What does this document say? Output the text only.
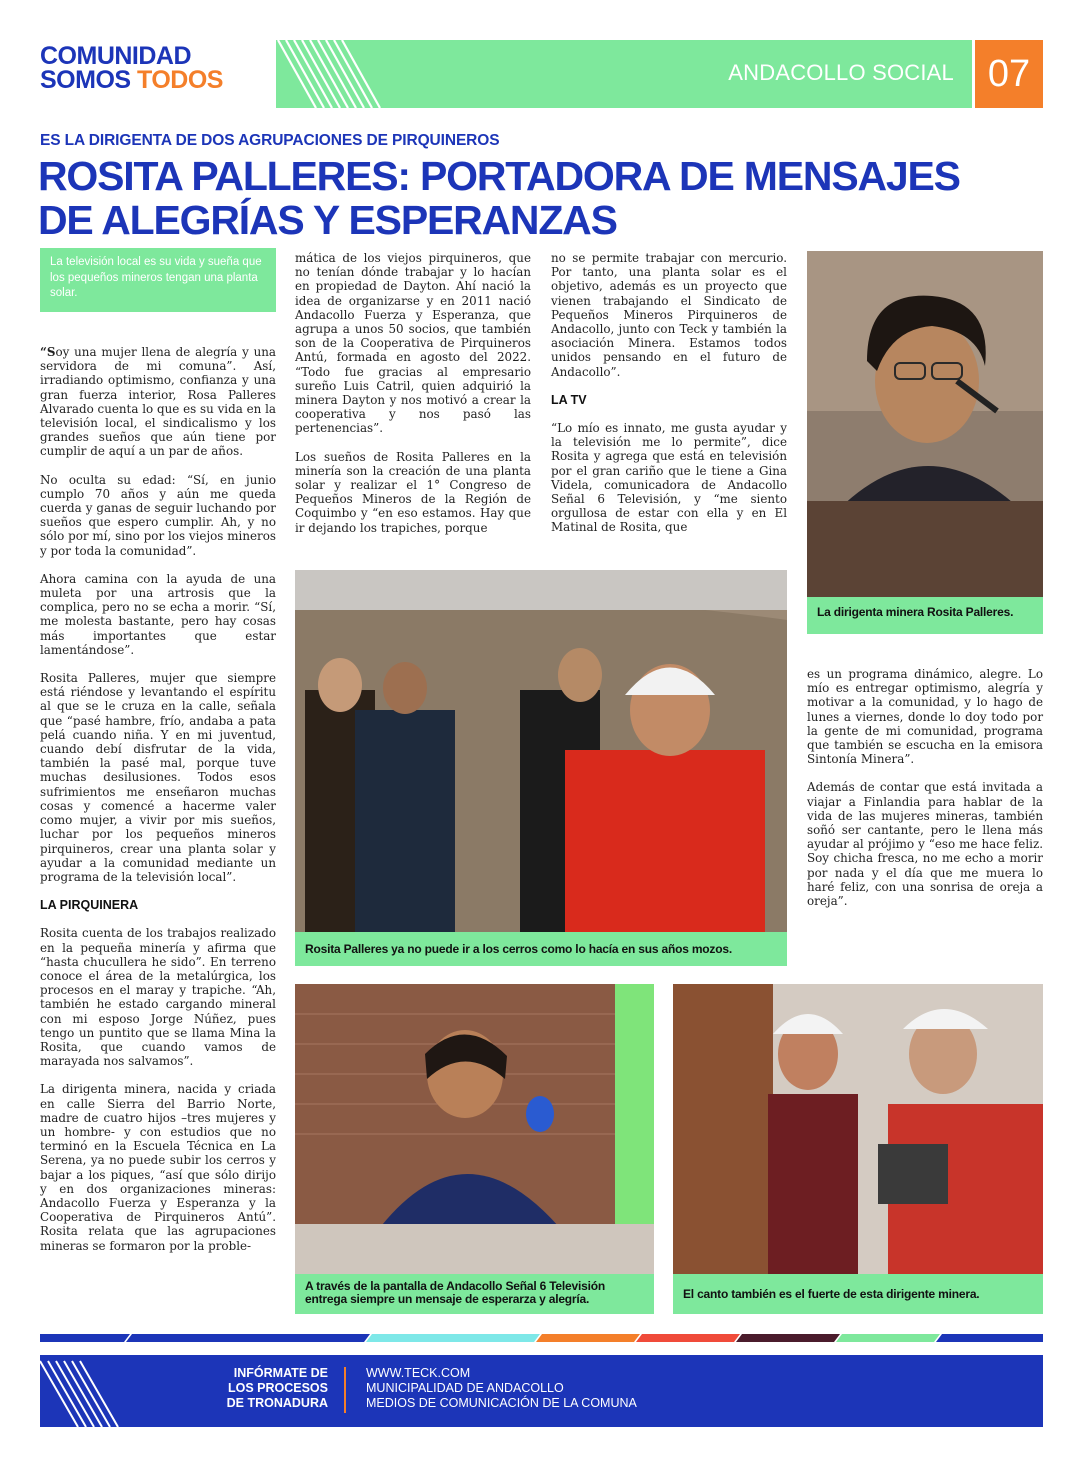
COMUNIDAD
SOMOS TODOS	ANDACOLLO SOCIAL 07
ES LA DIRIGENTA DE DOS AGRUPACIONES DE PIRQUINEROS
ROSITA PALLERES: PORTADORA DE MENSAJES
DE ALEGRÍAS Y ESPERANZAS
La televisión local es su vida y sueña que los pequeños mineros tengan una planta solar.

“Soy una mujer llena de alegría y una servidora de mi comuna”. Así, irradiando optimismo, confianza y una gran fuerza interior, Rosa Palleres Alvarado cuenta lo que es su vida en la televisión local, el sindicalismo y los grandes sueños que aún tiene por cumplir de aquí a un par de años.

No oculta su edad: “Sí, en junio cumplo 70 años y aún me queda cuerda y ganas de seguir luchando por sueños que espero cumplir. Ah, y no sólo por mí, sino por los viejos mineros y por toda la comunidad”.

Ahora camina con la ayuda de una muleta por una artrosis que la complica, pero no se echa a morir. “Sí, me molesta bastante, pero hay cosas más importantes que estar lamentándose”.

Rosita Palleres, mujer que siempre está riéndose y levantando el espíritu al que se le cruza en la calle, señala que “pasé hambre, frío, andaba a pata pelá cuando niña. Y en mi juventud, cuando debí disfrutar de la vida, también la pasé mal, porque tuve muchas desilusiones. Todos esos sufrimientos me enseñaron muchas cosas y comencé a hacerme valer como mujer, a vivir por mis sueños, luchar por los pequeños mineros pirquineros, crear una planta solar y ayudar a la comunidad mediante un programa de la televisión local”.

LA PIRQUINERA

Rosita cuenta de los trabajos realizado en la pequeña minería y afirma que “hasta chucullera he sido”. En terreno conoce el área de la metalúrgica, los procesos en el maray y trapiche. “Ah, también he estado cargando mineral con mi esposo Jorge Núñez, pues tengo un puntito que se llama Mina la Rosita, que cuando vamos de marayada nos salvamos”.

La dirigenta minera, nacida y criada en calle Sierra del Barrio Norte, madre de cuatro hijos –tres mujeres y un hombre- y con estudios que no terminó en la Escuela Técnica en La Serena, ya no puede subir los cerros y bajar a los piques, “así que sólo dirijo y en dos organizaciones mineras: Andacollo Fuerza y Esperanza y la Cooperativa de Pirquineros Antú”. Rosita relata que las agrupaciones mineras se formaron por la proble-

mática de los viejos pirquineros, que no tenían dónde trabajar y lo hacían en propiedad de Dayton. Ahí nació la idea de organizarse y en 2011 nació Andacollo Fuerza y Esperanza, que agrupa a unos 50 socios, que también son de la Cooperativa de Pirquineros Antú, formada en agosto del 2022. “Todo fue gracias al empresario sureño Luis Catril, quien adquirió la minera Dayton y nos motivó a crear la cooperativa y nos pasó las pertenencias”.

Los sueños de Rosita Palleres en la minería son la creación de una planta solar y realizar el 1° Congreso de Pequeños Mineros de la Región de Coquimbo y “en eso estamos. Hay que ir dejando los trapiches, porque

no se permite trabajar con mercurio. Por tanto, una planta solar es el objetivo, además es un proyecto que vienen trabajando el Sindicato de Pequeños Mineros Pirquineros de Andacollo, junto con Teck y también la asociación Minera. Estamos todos unidos pensando en el futuro de Andacollo”.

LA TV

“Lo mío es innato, me gusta ayudar y la televisión me lo permite”, dice Rosita y agrega que está en televisión por el gran cariño que le tiene a Gina Videla, comunicadora de Andacollo Señal 6 Televisión, y “me siento orgullosa de estar con ella y en El Matinal de Rosita, que

La dirigenta minera Rosita Palleres.

es un programa dinámico, alegre. Lo mío es entregar optimismo, alegría y motivar a la comunidad, y lo hago de lunes a viernes, donde lo doy todo por la gente de mi comunidad, programa que también se escucha en la emisora Sintonía Minera”.

Además de contar que está invitada a viajar a Finlandia para hablar de la vida de las mujeres mineras, también soñó ser cantante, pero le llena más ayudar al prójimo y “eso me hace feliz. Soy chicha fresca, no me echo a morir por nada y el día que me muera lo haré feliz, con una sonrisa de oreja a oreja”.

Rosita Palleres ya no puede ir a los cerros como lo hacía en sus años mozos.
A través de la pantalla de Andacollo Señal 6 Televisión entrega siempre un mensaje de esperarza y alegría.	El canto también es el fuerte de esta dirigente minera.
INFÓRMATE DE
LOS PROCESOS
DE TRONADURA
WWW.TECK.COM
MUNICIPALIDAD DE ANDACOLLO
MEDIOS DE COMUNICACIÓN DE LA COMUNA
